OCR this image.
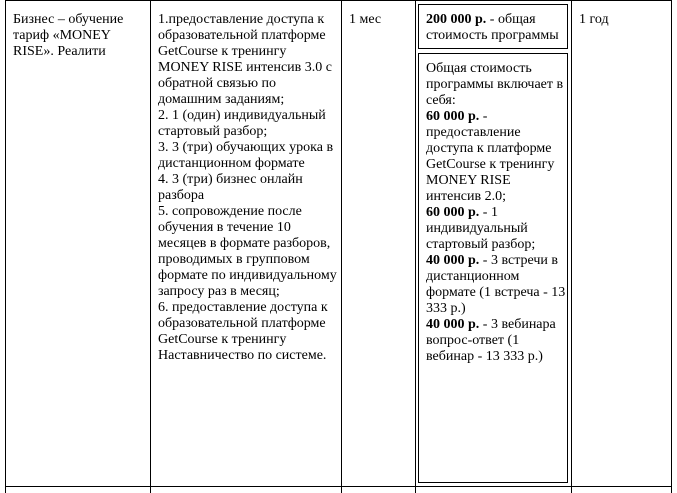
Бизнес – обучение тариф «MONEY RISE». Реалити

1.предоставление доступа к образовательной платформе GetCourse к тренингу MONEY RISE интенсив 3.0 с обратной связью по домашним заданиям;

2. 1 (один) индивидуальный стартовый разбор;

3. 3 (три) обучающих урока в дистанционном формате

4. 3 (три) бизнес онлайн разбора

5. сопровождение после обучения в течение 10 месяцев в формате разборов, проводимых в групповом формате по индивидуальному запросу раз в месяц;

6. предоставление доступа к образовательной платформе GetCourse к тренингу Наставничество по системе.

1 мес	200 000 р. - общая стоимость программы

Общая стоимость программы включает в себя:

60 000 р. - предоставление доступа к платформе GetCourse к тренингу MONEY RISE интенсив 2.0;

60 000 р. - 1 индивидуальный стартовый разбор;

40 000 р. - 3 встречи в дистанционном формате (1 встреча - 13 333 р.)

40 000 р. - 3 вебинара вопрос-ответ (1 вебинар - 13 333 р.)

1 год
